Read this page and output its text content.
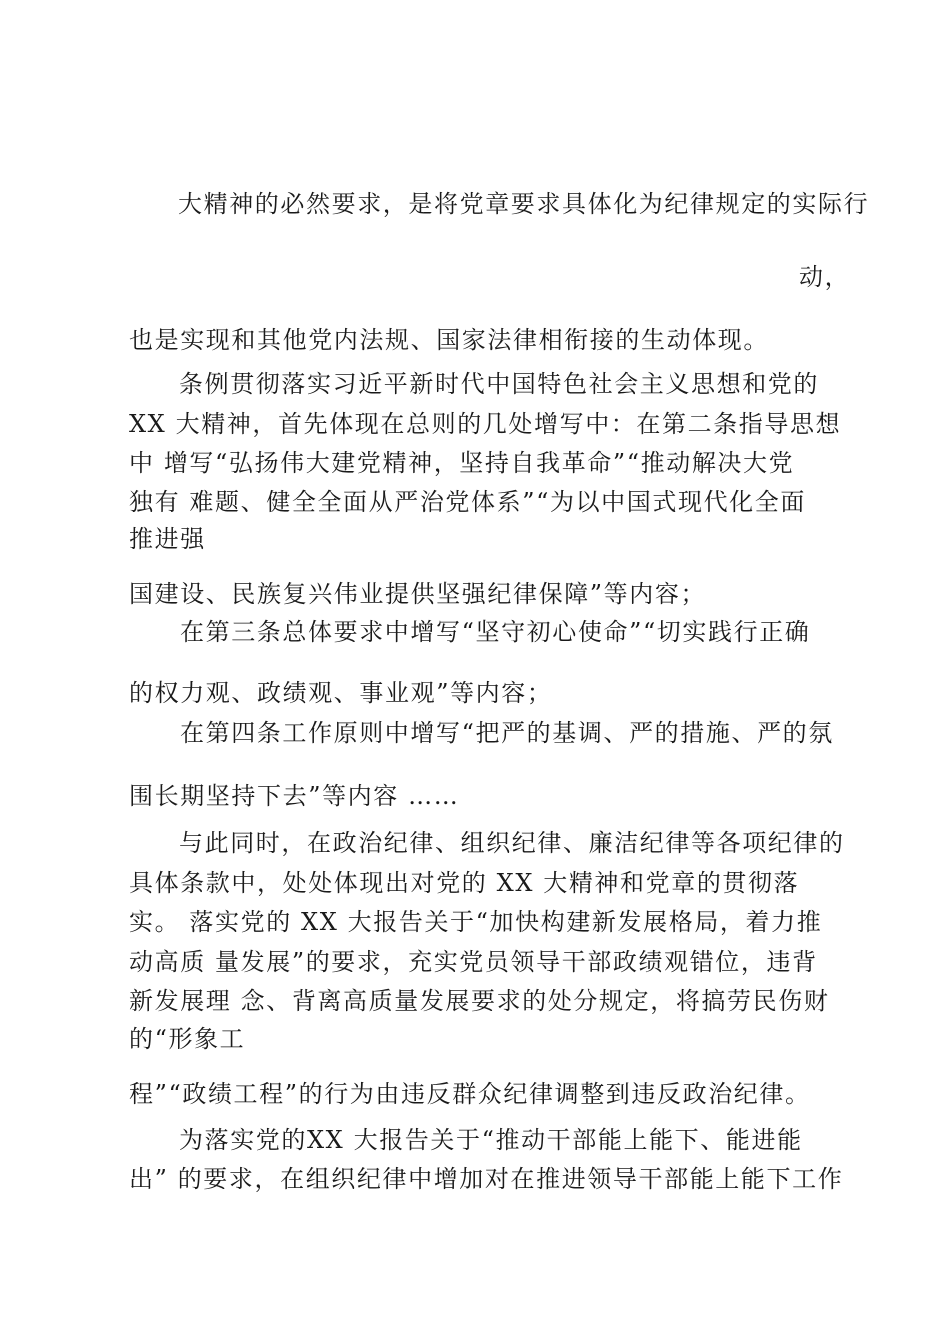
大精神的必然要求，是将党章要求具体化为纪律规定的实际行

动，

也是实现和其他党内法规、国家法律相衔接的生动体现。

条例贯彻落实习近平新时代中国特色社会主义思想和党的

XX 大精神，首先体现在总则的几处增写中：在第二条指导思想

中 增写“弘扬伟大建党精神，坚持自我革命”“推动解决大党

独有 难题、健全全面从严治党体系”“为以中国式现代化全面

推进强

国建设、民族复兴伟业提供坚强纪律保障”等内容；

在第三条总体要求中增写“坚守初心使命”“切实践行正确

的权力观、政绩观、事业观”等内容；

在第四条工作原则中增写“把严的基调、严的措施、严的氛

围长期坚持下去”等内容 ……

与此同时，在政治纪律、组织纪律、廉洁纪律等各项纪律的

具体条款中，处处体现出对党的 XX 大精神和党章的贯彻落

实。 落实党的 XX 大报告关于“加快构建新发展格局，着力推

动高质 量发展”的要求，充实党员领导干部政绩观错位，违背

新发展理 念、背离高质量发展要求的处分规定，将搞劳民伤财

的“形象工

程”“政绩工程”的行为由违反群众纪律调整到违反政治纪律。

为落实党的XX 大报告关于“推动干部能上能下、能进能

出” 的要求，在组织纪律中增加对在推进领导干部能上能下工作
